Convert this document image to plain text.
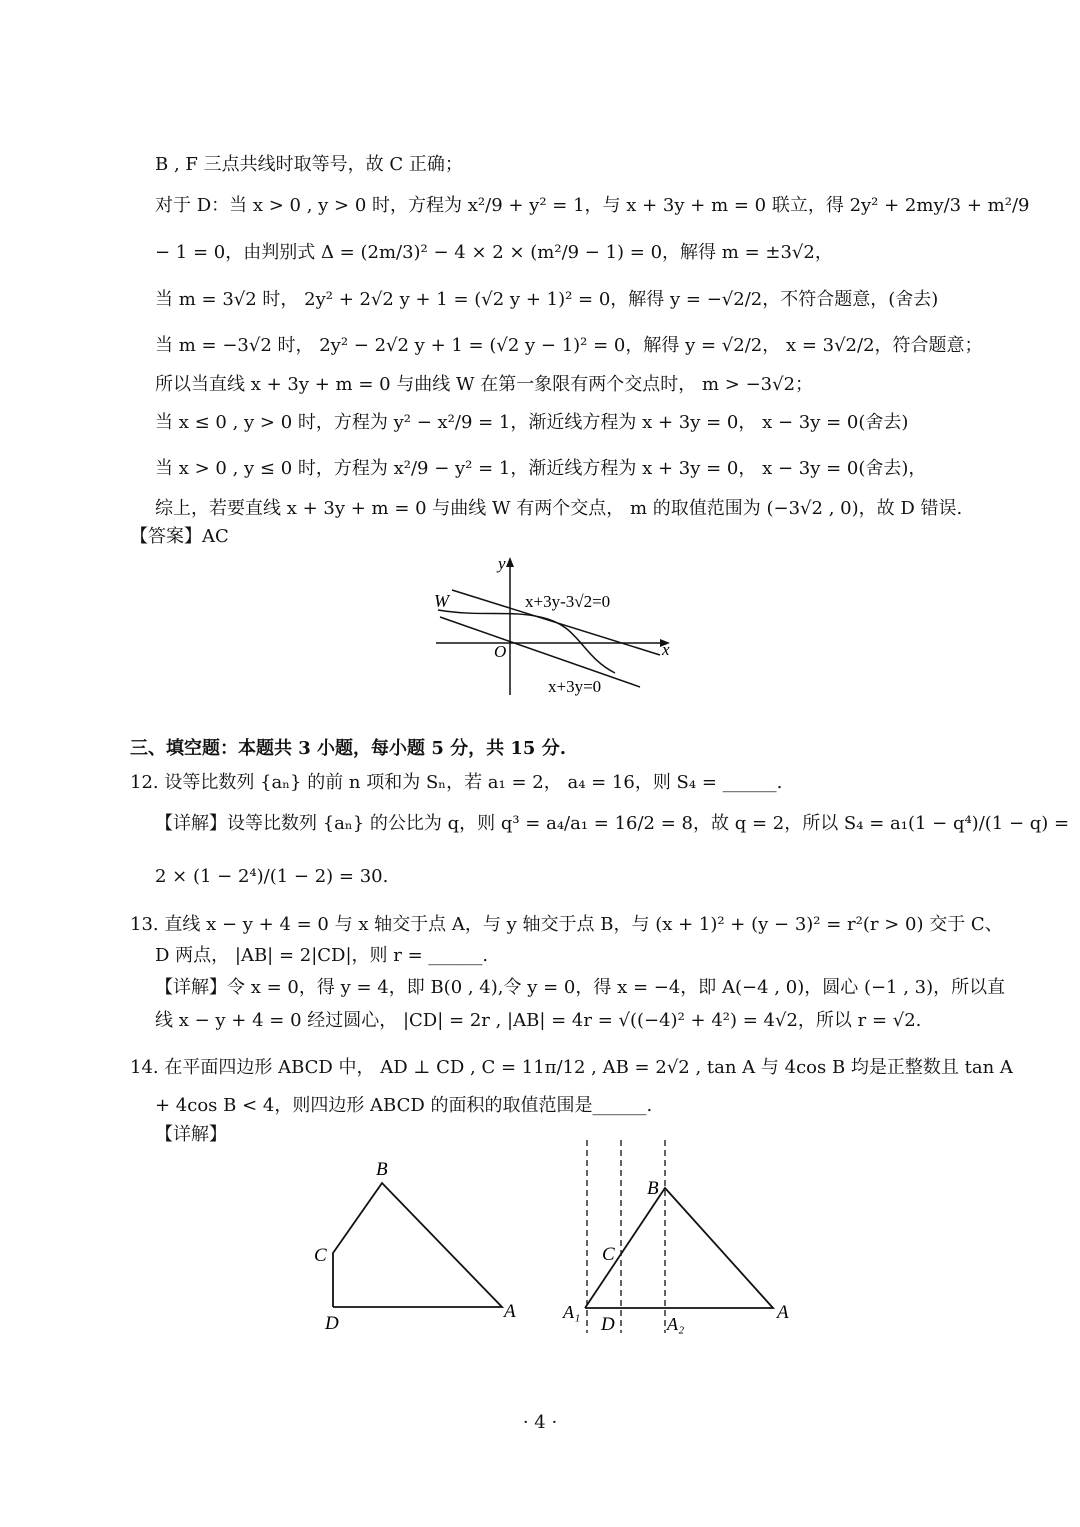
B , F 三点共线时取等号，故 C 正确；
对于 D：当 x > 0 , y > 0 时，方程为 x²/9 + y² = 1，与 x + 3y + m = 0 联立，得 2y² + 2my/3 + m²/9
− 1 = 0，由判别式 Δ = (2m/3)² − 4 × 2 × (m²/9 − 1) = 0，解得 m = ±3√2，
当 m = 3√2 时， 2y² + 2√2 y + 1 = (√2 y + 1)² = 0，解得 y = −√2/2，不符合题意，(舍去)
当 m = −3√2 时， 2y² − 2√2 y + 1 = (√2 y − 1)² = 0，解得 y = √2/2， x = 3√2/2，符合题意；
所以当直线 x + 3y + m = 0 与曲线 W 在第一象限有两个交点时， m > −3√2；
当 x ≤ 0 , y > 0 时，方程为 y² − x²/9 = 1，渐近线方程为 x + 3y = 0， x − 3y = 0(舍去)
当 x > 0 , y ≤ 0 时，方程为 x²/9 − y² = 1，渐近线方程为 x + 3y = 0， x − 3y = 0(舍去)，
综上，若要直线 x + 3y + m = 0 与曲线 W 有两个交点， m 的取值范围为 (−3√2 , 0)，故 D 错误.
【答案】AC
y
x
W
O
x+3y-3√2=0
x+3y=0
三、填空题：本题共 3 小题，每小题 5 分，共 15 分.
12. 设等比数列 {aₙ} 的前 n 项和为 Sₙ，若 a₁ = 2， a₄ = 16，则 S₄ = ______.
【详解】设等比数列 {aₙ} 的公比为 q，则 q³ = a₄/a₁ = 16/2 = 8，故 q = 2，所以 S₄ = a₁(1 − q⁴)/(1 − q) =
2 × (1 − 2⁴)/(1 − 2) = 30.
13. 直线 x − y + 4 = 0 与 x 轴交于点 A，与 y 轴交于点 B，与 (x + 1)² + (y − 3)² = r²(r > 0) 交于 C、
D 两点， |AB| = 2|CD|，则 r = ______.
【详解】令 x = 0，得 y = 4，即 B(0 , 4),令 y = 0，得 x = −4，即 A(−4 , 0)，圆心 (−1 , 3)，所以直
线 x − y + 4 = 0 经过圆心， |CD| = 2r , |AB| = 4r = √((−4)² + 4²) = 4√2，所以 r = √2.
14. 在平面四边形 ABCD 中， AD ⊥ CD , C = 11π/12 , AB = 2√2 , tan A 与 4cos B 均是正整数且 tan A
+ 4cos B < 4，则四边形 ABCD 的面积的取值范围是______.
【详解】
B
C
D
A
B
C
A₁
D	A₂
A
· 4 ·
